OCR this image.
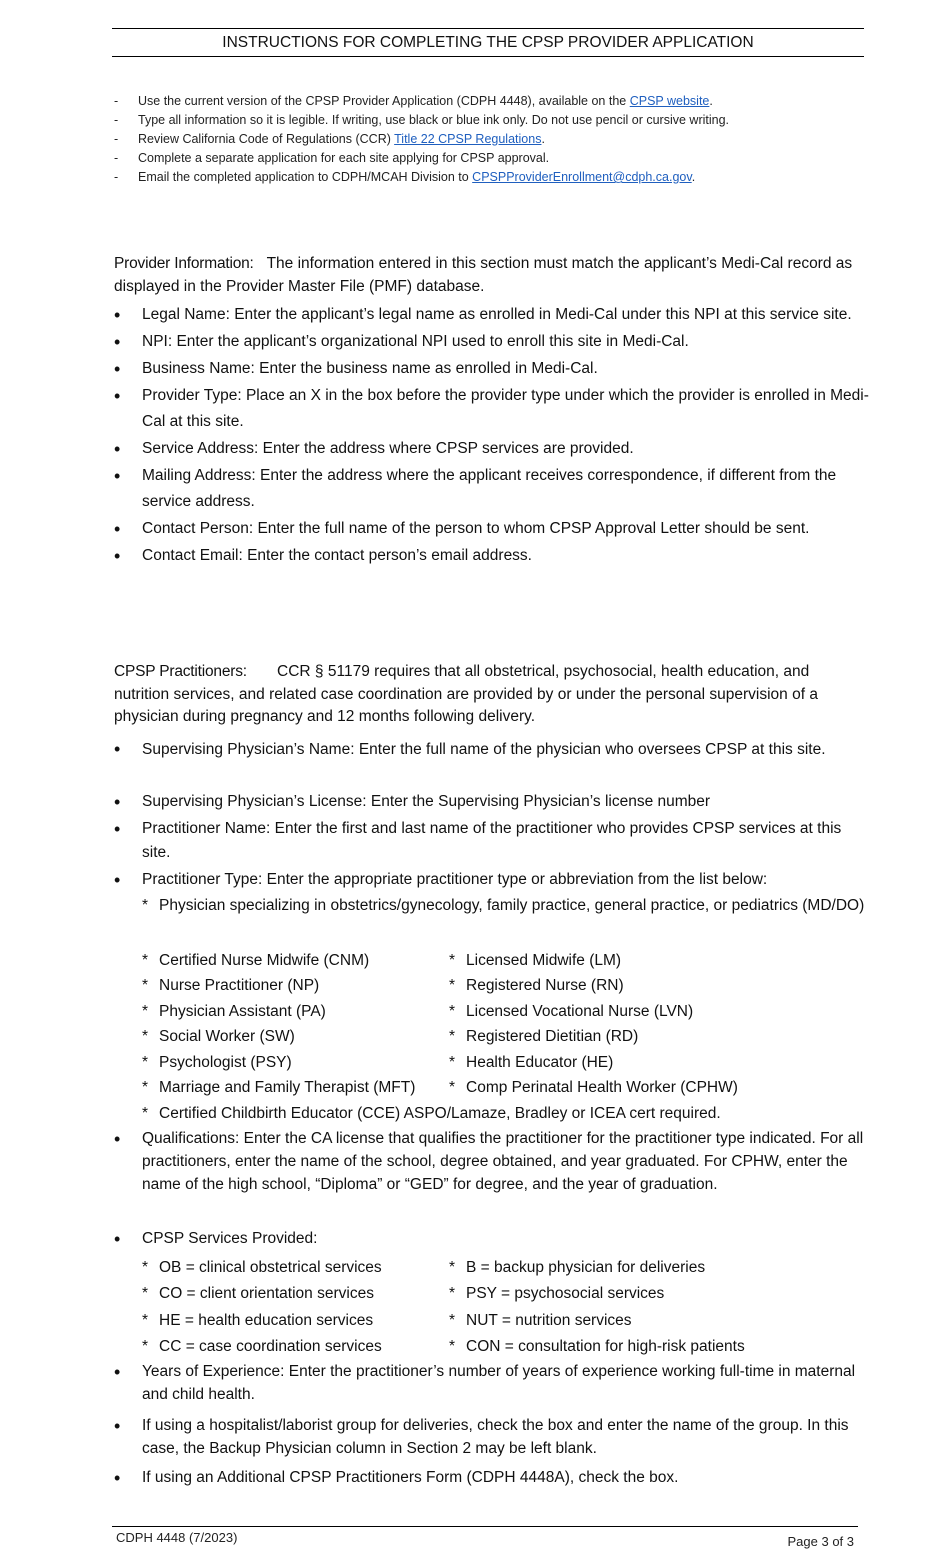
INSTRUCTIONS FOR COMPLETING THE CPSP PROVIDER APPLICATION
- Use the current version of the CPSP Provider Application (CDPH 4448), available on the CPSP website.
- Type all information so it is legible. If writing, use black or blue ink only. Do not use pencil or cursive writing.
- Review California Code of Regulations (CCR) Title 22 CPSP Regulations.
- Complete a separate application for each site applying for CPSP approval.
- Email the completed application to CDPH/MCAH Division to CPSPProviderEnrollment@cdph.ca.gov.
Provider Information: The information entered in this section must match the applicant’s Medi-Cal record as displayed in the Provider Master File (PMF) database.

• Legal Name: Enter the applicant’s legal name as enrolled in Medi-Cal under this NPI at this service site.

• NPI: Enter the applicant’s organizational NPI used to enroll this site in Medi-Cal.

• Business Name: Enter the business name as enrolled in Medi-Cal.

• Provider Type: Place an X in the box before the provider type under which the provider is enrolled in Medi-Cal at this site.

• Service Address: Enter the address where CPSP services are provided.

• Mailing Address: Enter the address where the applicant receives correspondence, if different from the service address.

• Contact Person: Enter the full name of the person to whom CPSP Approval Letter should be sent.

• Contact Email: Enter the contact person’s email address.

CPSP Practitioners: CCR § 51179 requires that all obstetrical, psychosocial, health education, and nutrition services, and related case coordination are provided by or under the personal supervision of a physician during pregnancy and 12 months following delivery.

• Supervising Physician’s Name: Enter the full name of the physician who oversees CPSP at this site.

• Supervising Physician’s License: Enter the Supervising Physician’s license number

• Practitioner Name: Enter the first and last name of the practitioner who provides CPSP services at this site.

• Practitioner Type: Enter the appropriate practitioner type or abbreviation from the list below:

* Physician specializing in obstetrics/gynecology, family practice, general practice, or pediatrics (MD/DO)
* Certified Nurse Midwife (CNM)	* Licensed Midwife (LM)
* Nurse Practitioner (NP)	* Registered Nurse (RN)
* Physician Assistant (PA)	* Licensed Vocational Nurse (LVN)
* Social Worker (SW)	* Registered Dietitian (RD)
* Psychologist (PSY)	* Health Educator (HE)
* Marriage and Family Therapist (MFT) * Comp Perinatal Health Worker (CPHW)
* Certified Childbirth Educator (CCE) ASPO/Lamaze, Bradley or ICEA cert required.

• Qualifications: Enter the CA license that qualifies the practitioner for the practitioner type indicated. For all practitioners, enter the name of the school, degree obtained, and year graduated. For CPHW, enter the name of the high school, “Diploma” or “GED” for degree, and the year of graduation.

• CPSP Services Provided:

* OB = clinical obstetrical services	* B = backup physician for deliveries
* CO = client orientation services	* PSY = psychosocial services
* HE = health education services	* NUT = nutrition services
* CC = case coordination services	* CON = consultation for high-risk patients

• Years of Experience: Enter the practitioner’s number of years of experience working full-time in maternal and child health.

• If using a hospitalist/laborist group for deliveries, check the box and enter the name of the group. In this case, the Backup Physician column in Section 2 may be left blank.

• If using an Additional CPSP Practitioners Form (CDPH 4448A), check the box.

CDPH 4448 (7/2023)	Page 3 of 3
